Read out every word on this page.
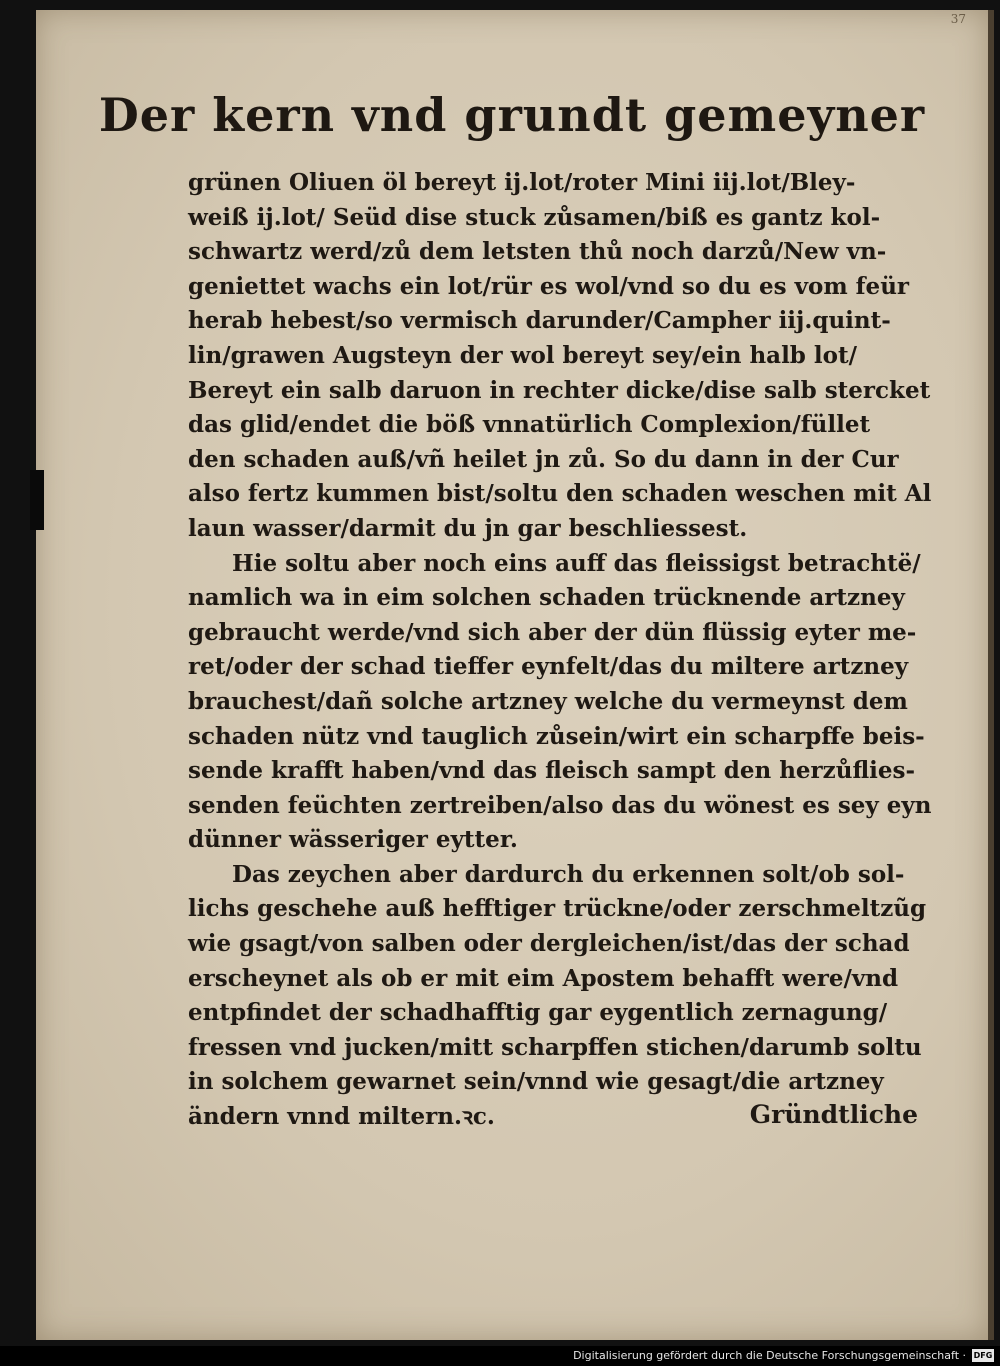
37
Der kern vnd grundt gemeyner
grünen Oliuen öl bereyt ij.lot/roter Mini iij.lot/Bley-
weiß ij.lot/ Seüd dise stuck zůsamen/biß es gantz kol-
schwartz werd/zů dem letsten thů noch darzů/New vn-
geniettet wachs ein lot/rür es wol/vnd so du es vom feür
herab hebest/so vermisch darunder/Campher iij.quint-
lin/grawen Augsteyn der wol bereyt sey/ein halb lot/
Bereyt ein salb daruon in rechter dicke/dise salb stercket
das glid/endet die böß vnnatürlich Complexion/füllet
den schaden auß/vñ heilet jn zů. So du dann in der Cur
also fertz kummen bist/soltu den schaden weschen mit Al
laun wasser/darmit du jn gar beschliessest.
Hie soltu aber noch eins auff das fleissigst betrachtë/
namlich wa in eim solchen schaden trücknende artzney
gebraucht werde/vnd sich aber der dün flüssig eyter me-
ret/oder der schad tieffer eynfelt/das du miltere artzney
brauchest/dañ solche artzney welche du vermeynst dem
schaden nütz vnd tauglich zůsein/wirt ein scharpffe beis-
sende krafft haben/vnd das fleisch sampt den herzůflies-
senden feüchten zertreiben/also das du wönest es sey eyn
dünner wässeriger eytter.
Das zeychen aber dardurch du erkennen solt/ob sol-
lichs geschehe auß hefftiger trückne/oder zerschmeltzũg
wie gsagt/von salben oder dergleichen/ist/das der schad
erscheynet als ob er mit eim Apostem behafft were/vnd
entpfindet der schadhafftig gar eygentlich zernagung/
fressen vnd jucken/mitt scharpffen stichen/darumb soltu
in solchem gewarnet sein/vnnd wie gesagt/die artzney
ändern vnnd miltern.ꝛc.	Gründtliche
Digitalisierung gefördert durch die Deutsche Forschungsgemeinschaft · DFG
